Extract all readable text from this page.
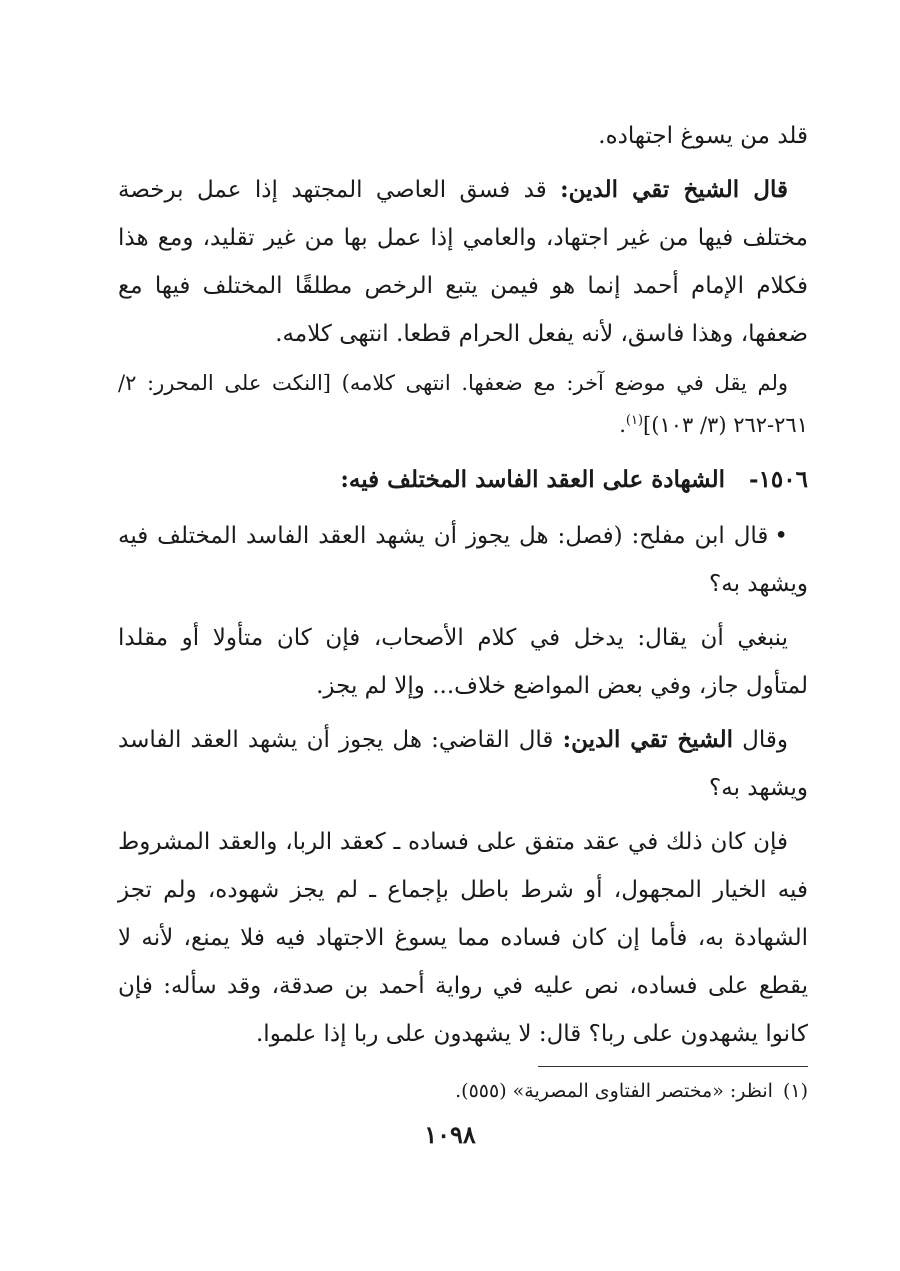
قلد من يسوغ اجتهاده.

قال الشيخ تقي الدين: قد فسق العاصي المجتهد إذا عمل برخصة مختلف فيها من غير اجتهاد، والعامي إذا عمل بها من غير تقليد، ومع هذا فكلام الإمام أحمد إنما هو فيمن يتبع الرخص مطلقًا المختلف فيها مع ضعفها، وهذا فاسق، لأنه يفعل الحرام قطعا. انتهى كلامه.

ولم يقل في موضع آخر: مع ضعفها. انتهى كلامه) [النكت على المحرر: ٢/ ٢٦١-٢٦٢ (٣/ ١٠٣)]$^{(١)}$.

١٥٠٦-الشهادة على العقد الفاسد المختلف فيه:

•قال ابن مفلح: (فصل: هل يجوز أن يشهد العقد الفاسد المختلف فيه ويشهد به؟

ينبغي أن يقال: يدخل في كلام الأصحاب، فإن كان متأولا أو مقلدا لمتأول جاز، وفي بعض المواضع خلاف... وإلا لم يجز.

وقال الشيخ تقي الدين: قال القاضي: هل يجوز أن يشهد العقد الفاسد ويشهد به؟

فإن كان ذلك في عقد متفق على فساده ـ كعقد الربا، والعقد المشروط فيه الخيار المجهول، أو شرط باطل بإجماع ـ لم يجز شهوده، ولم تجز الشهادة به، فأما إن كان فساده مما يسوغ الاجتهاد فيه فلا يمنع، لأنه لا يقطع على فساده، نص عليه في رواية أحمد بن صدقة، وقد سأله: فإن كانوا يشهدون على ربا؟ قال: لا يشهدون على ربا إذا علموا.

(١)انظر: «مختصر الفتاوى المصرية» (٥٥٥).
١٠٩٨
